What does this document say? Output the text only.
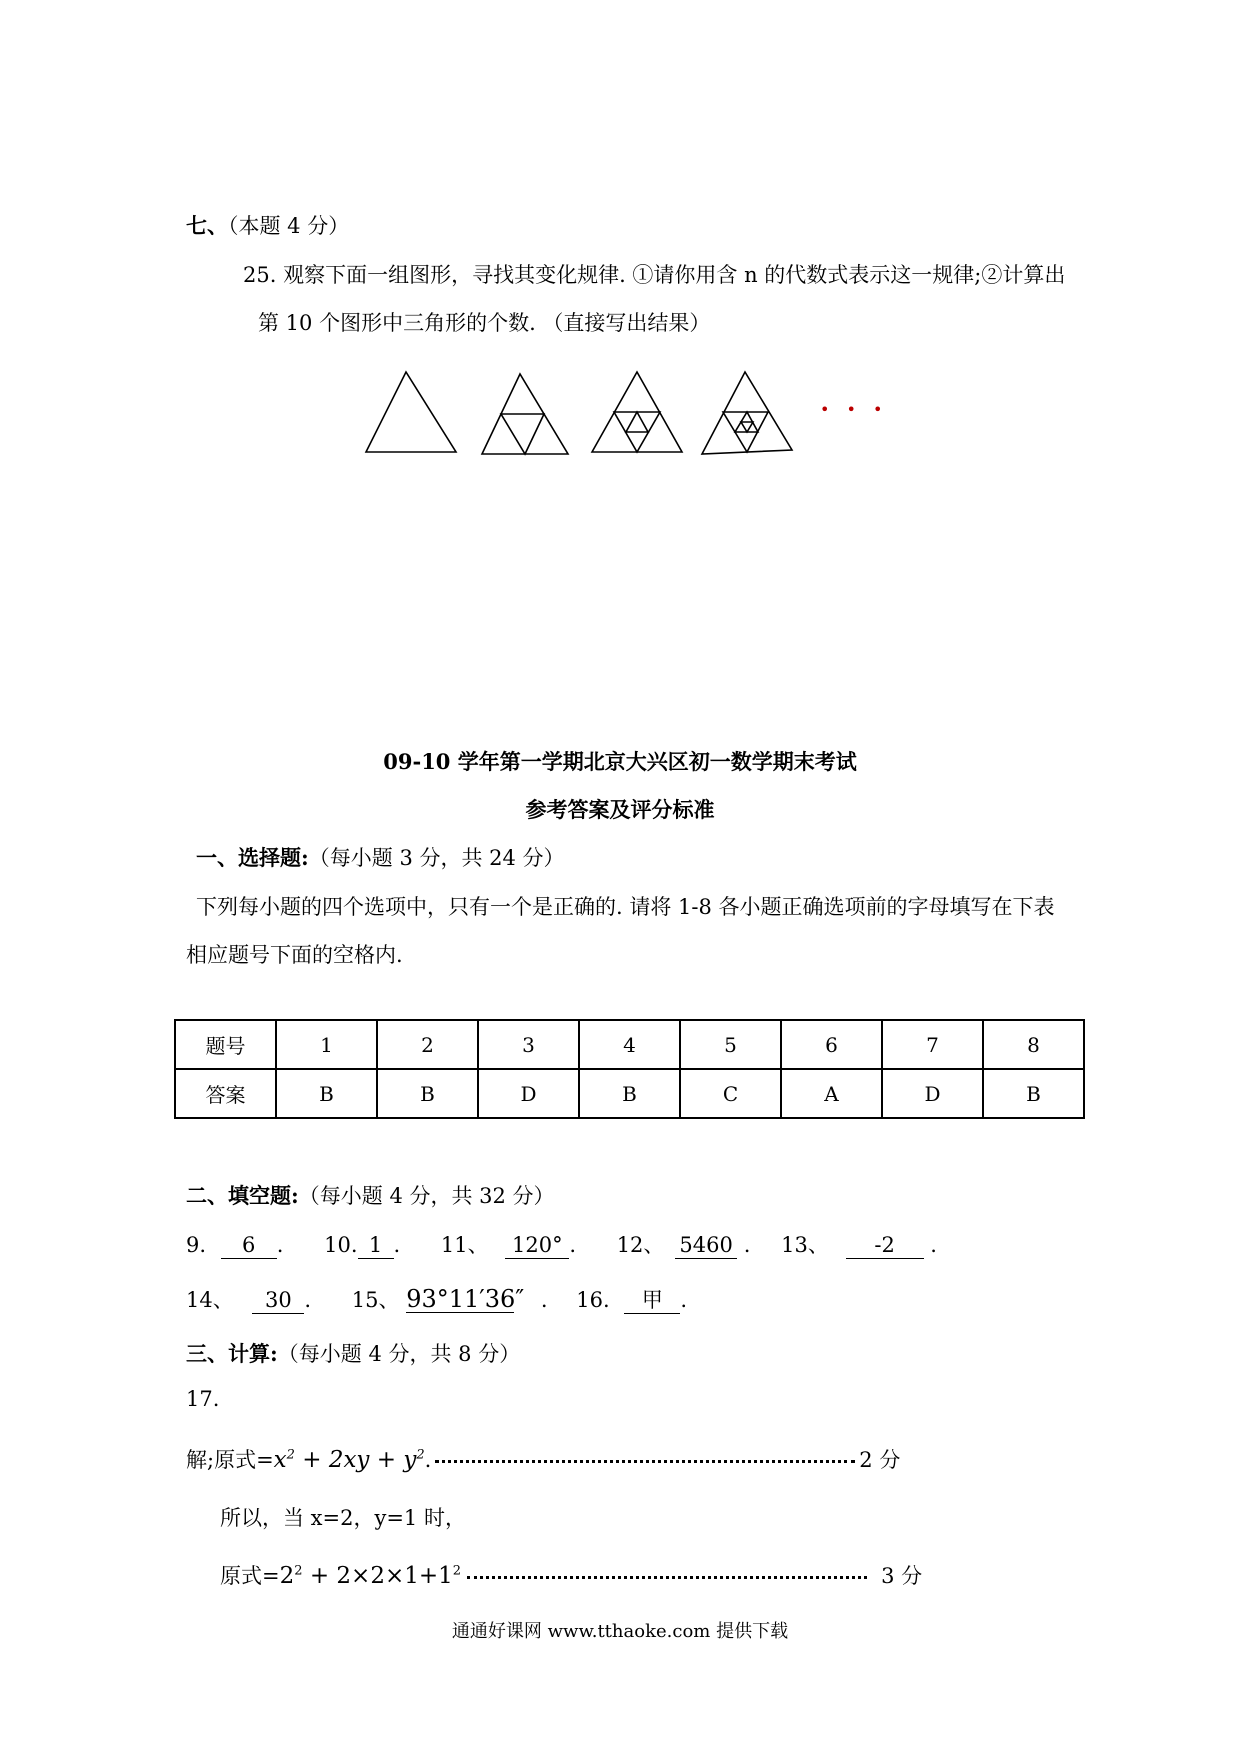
七、（本题 4 分）
25. 观察下面一组图形，寻找其变化规律. ①请你用含 n 的代数式表示这一规律;②计算出
第 10 个图形中三角形的个数. （直接写出结果）
• • •
09-10 学年第一学期北京大兴区初一数学期末考试
参考答案及评分标准
一、选择题:（每小题 3 分，共 24 分）
下列每小题的四个选项中，只有一个是正确的. 请将 1-8 各小题正确选项前的字母填写在下表
相应题号下面的空格内.
题号	1	2	3	4	5	6	7	8
答案	B	B	D	B	C	A	D	B
二、填空题:（每小题 4 分，共 32 分）
9. 6 . 10. 1 . 11、 120° . 12、 5460 . 13、 -2 .
14、 30 . 15、 93°11′36″ . 16. 甲 .
三、计算:（每小题 4 分，共 8 分）
17.
解;原式$=x^2 + 2xy + y^2$.	2 分
所以，当 x=2，y=1 时，
原式$=2^2 + 2\times 2\times 1+1^2$	3 分
通通好课网 www.tthaoke.com 提供下载
